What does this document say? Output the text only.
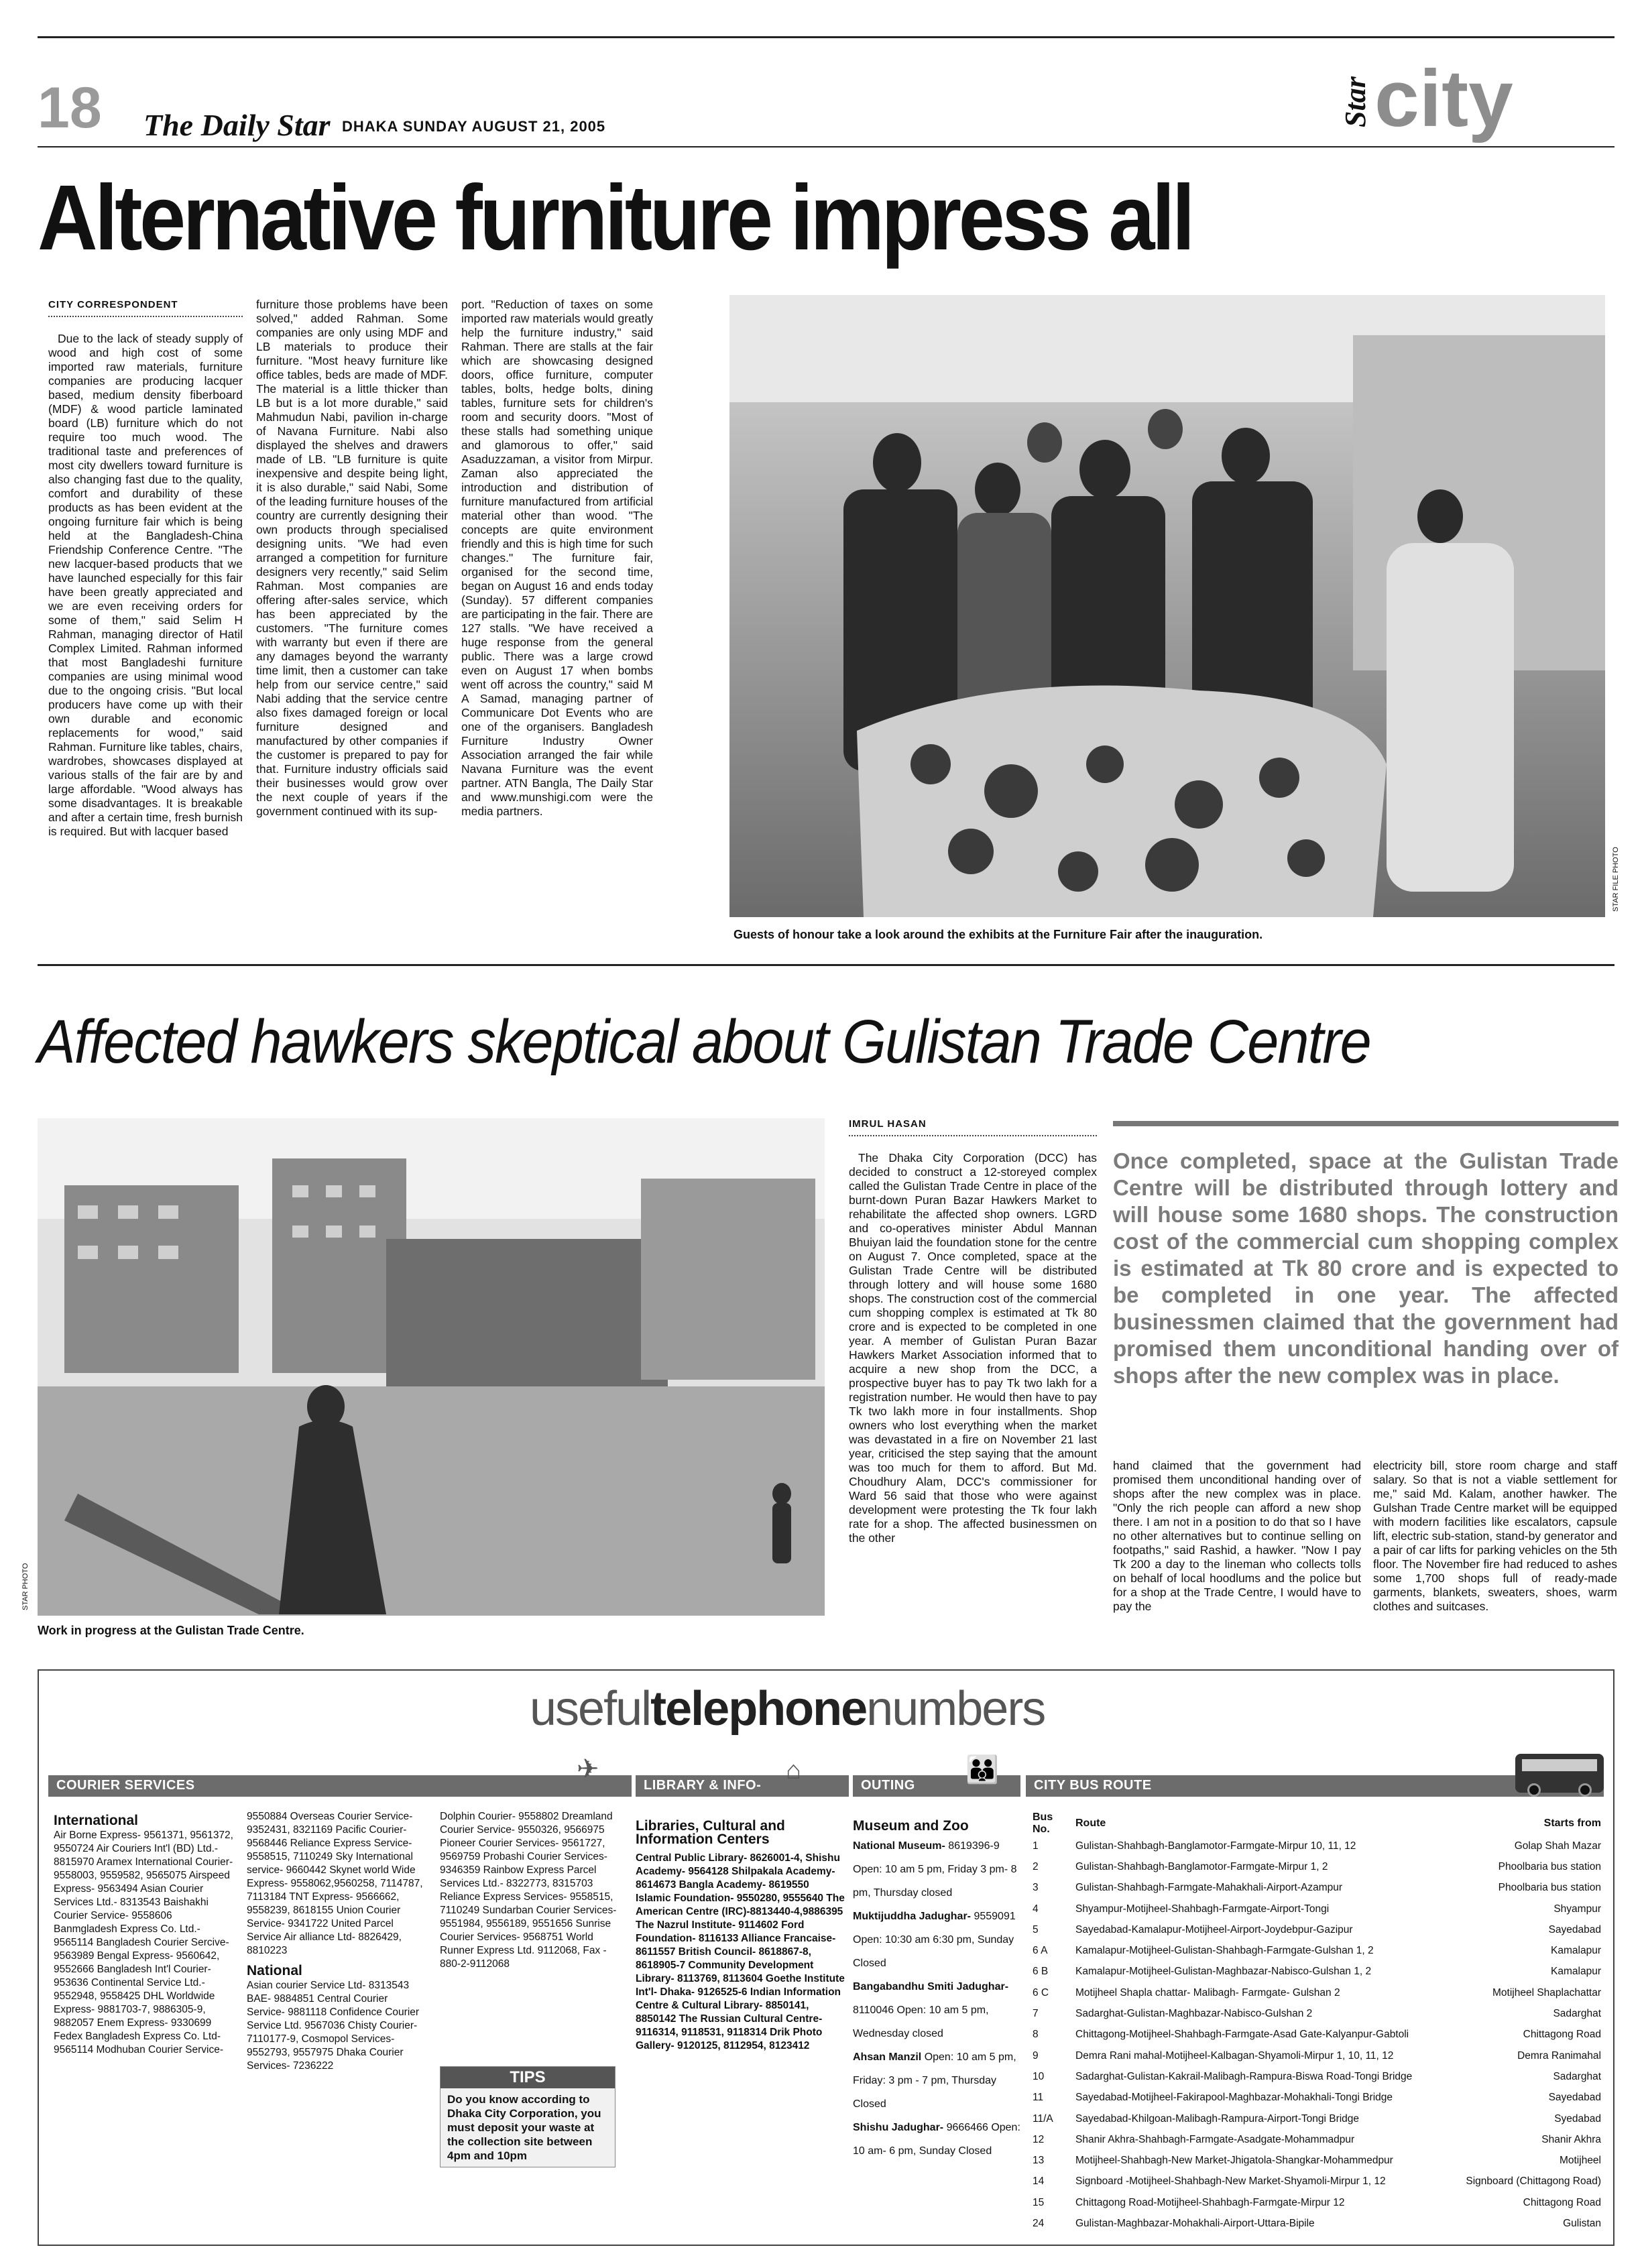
18 The Daily Star DHAKA SUNDAY AUGUST 21, 2005	Star city
Alternative furniture impress all
CITY CORRESPONDENT

Due to the lack of steady supply of wood and high cost of some imported raw materials, furniture companies are producing lacquer based, medium density fiberboard (MDF) & wood particle laminated board (LB) furniture which do not require too much wood. The traditional taste and preferences of most city dwellers toward furniture is also changing fast due to the quality, comfort and durability of these products as has been evident at the ongoing furniture fair which is being held at the Bangladesh-China Friendship Conference Centre. "The new lacquer-based products that we have launched especially for this fair have been greatly appreciated and we are even receiving orders for some of them," said Selim H Rahman, managing director of Hatil Complex Limited. Rahman informed that most Bangladeshi furniture companies are using minimal wood due to the ongoing crisis. "But local producers have come up with their own durable and economic replacements for wood," said Rahman. Furniture like tables, chairs, wardrobes, showcases displayed at various stalls of the fair are by and large affordable. "Wood always has some disadvantages. It is breakable and after a certain time, fresh burnish is required. But with lacquer based

furniture those problems have been solved," added Rahman. Some companies are only using MDF and LB materials to produce their furniture. "Most heavy furniture like office tables, beds are made of MDF. The material is a little thicker than LB but is a lot more durable," said Mahmudun Nabi, pavilion in-charge of Navana Furniture. Nabi also displayed the shelves and drawers made of LB. "LB furniture is quite inexpensive and despite being light, it is also durable," said Nabi, Some of the leading furniture houses of the country are currently designing their own products through specialised designing units. "We had even arranged a competition for furniture designers very recently," said Selim Rahman. Most companies are offering after-sales service, which has been appreciated by the customers. "The furniture comes with warranty but even if there are any damages beyond the warranty time limit, then a customer can take help from our service centre," said Nabi adding that the service centre also fixes damaged foreign or local furniture designed and manufactured by other companies if the customer is prepared to pay for that. Furniture industry officials said their businesses would grow over the next couple of years if the government continued with its sup-

port. "Reduction of taxes on some imported raw materials would greatly help the furniture industry," said Rahman. There are stalls at the fair which are showcasing designed doors, office furniture, computer tables, bolts, hedge bolts, dining tables, furniture sets for children's room and security doors. "Most of these stalls had something unique and glamorous to offer," said Asaduzzaman, a visitor from Mirpur. Zaman also appreciated the introduction and distribution of furniture manufactured from artificial material other than wood. "The concepts are quite environment friendly and this is high time for such changes." The furniture fair, organised for the second time, began on August 16 and ends today (Sunday). 57 different companies are participating in the fair. There are 127 stalls. "We have received a huge response from the general public. There was a large crowd even on August 17 when bombs went off across the country," said M A Samad, managing partner of Communicare Dot Events who are one of the organisers. Bangladesh Furniture Industry Owner Association arranged the fair while Navana Furniture was the event partner. ATN Bangla, The Daily Star and www.munshigi.com were the media partners.

STAR FILE PHOTO
Guests of honour take a look around the exhibits at the Furniture Fair after the inauguration.
Affected hawkers skeptical about Gulistan Trade Centre
STAR PHOTO
Work in progress at the Gulistan Trade Centre.
IMRUL HASAN

The Dhaka City Corporation (DCC) has decided to construct a 12-storeyed complex called the Gulistan Trade Centre in place of the burnt-down Puran Bazar Hawkers Market to rehabilitate the affected shop owners. LGRD and co-operatives minister Abdul Mannan Bhuiyan laid the foundation stone for the centre on August 7. Once completed, space at the Gulistan Trade Centre will be distributed through lottery and will house some 1680 shops. The construction cost of the commercial cum shopping complex is estimated at Tk 80 crore and is expected to be completed in one year. A member of Gulistan Puran Bazar Hawkers Market Association informed that to acquire a new shop from the DCC, a prospective buyer has to pay Tk two lakh for a registration number. He would then have to pay Tk two lakh more in four installments. Shop owners who lost everything when the market was devastated in a fire on November 21 last year, criticised the step saying that the amount was too much for them to afford. But Md. Choudhury Alam, DCC's commissioner for Ward 56 said that those who were against development were protesting the Tk four lakh rate for a shop. The affected businessmen on the other

Once completed, space at the Gulistan Trade Centre will be distributed through lottery and will house some 1680 shops. The construction cost of the commercial cum shopping complex is estimated at Tk 80 crore and is expected to be completed in one year. The affected businessmen claimed that the government had promised them unconditional handing over of shops after the new complex was in place.

hand claimed that the government had promised them unconditional handing over of shops after the new complex was in place. "Only the rich people can afford a new shop there. I am not in a position to do that so I have no other alternatives but to continue selling on footpaths," said Rashid, a hawker. "Now I pay Tk 200 a day to the lineman who collects tolls on behalf of local hoodlums and the police but for a shop at the Trade Centre, I would have to pay the

electricity bill, store room charge and staff salary. So that is not a viable settlement for me," said Md. Kalam, another hawker. The Gulshan Trade Centre market will be equipped with modern facilities like escalators, capsule lift, electric sub-station, stand-by generator and a pair of car lifts for parking vehicles on the 5th floor. The November fire had reduced to ashes some 1,700 shops full of ready-made garments, blankets, sweaters, shoes, warm clothes and suitcases.

usefultelephonenumbers
COURIER SERVICES
✈
LIBRARY & INFO-
⌂
OUTING
👪
CITY BUS ROUTE
International
Air Borne Express- 9561371, 9561372, 9550724 Air Couriers Int'l (BD) Ltd.- 8815970 Aramex International Courier- 9558003, 9559582, 9565075 Airspeed Express- 9563494 Asian Courier Services Ltd.- 8313543 Baishakhi Courier Service- 9558606 Banmgladesh Express Co. Ltd.- 9565114 Bangladesh Courier Sercive- 9563989 Bengal Express- 9560642, 9552666 Bangladesh Int'l Courier- 953636 Continental Service Ltd.- 9552948, 9558425 DHL Worldwide Express- 9881703-7, 9886305-9, 9882057 Enem Express- 9330699 Fedex Bangladesh Express Co. Ltd- 9565114 Modhuban Courier Service-
9550884 Overseas Courier Service- 9352431, 8321169 Pacific Courier- 9568446 Reliance Express Service- 9558515, 7110249 Sky International service- 9660442 Skynet world Wide Express- 9558062,9560258, 7114787, 7113184 TNT Express- 9566662, 9558239, 8618155 Union Courier Service- 9341722 United Parcel Service Air alliance Ltd- 8826429, 8810223
National
Asian courier Service Ltd- 8313543 BAE- 9884851 Central Courier Service- 9881118 Confidence Courier Service Ltd. 9567036 Chisty Courier- 7110177-9, Cosmopol Services- 9552793, 9557975 Dhaka Courier Services- 7236222
Dolphin Courier- 9558802 Dreamland Courier Service- 9550326, 9566975 Pioneer Courier Services- 9561727, 9569759 Probashi Courier Services- 9346359 Rainbow Express Parcel Services Ltd.- 8322773, 8315703 Reliance Express Services- 9558515, 7110249 Sundarban Courier Services- 9551984, 9556189, 9551656 Sunrise Courier Services- 9568751 World Runner Express Ltd. 9112068, Fax - 880-2-9112068
TIPS
Do you know according to Dhaka City Corporation, you must deposit your waste at the collection site between 4pm and 10pm
Libraries, Cultural and Information Centers
Central Public Library- 8626001-4, Shishu Academy- 9564128 Shilpakala Academy- 8614673 Bangla Academy- 8619550 Islamic Foundation- 9550280, 9555640 The American Centre (IRC)-8813440-4,9886395 The Nazrul Institute- 9114602 Ford Foundation- 8116133 Alliance Francaise- 8611557 British Council- 8618867-8, 8618905-7 Community Development Library- 8113769, 8113604 Goethe Institute Int'l- Dhaka- 9126525-6 Indian Information Centre & Cultural Library- 8850141, 8850142 The Russian Cultural Centre- 9116314, 9118531, 9118314 Drik Photo Gallery- 9120125, 8112954, 8123412
Museum and Zoo
National Museum- 8619396-9 Open: 10 am 5 pm, Friday 3 pm- 8 pm, Thursday closed
Muktijuddha Jadughar- 9559091 Open: 10:30 am 6:30 pm, Sunday Closed
Bangabandhu Smiti Jadughar- 8110046 Open: 10 am 5 pm, Wednesday closed
Ahsan Manzil Open: 10 am 5 pm, Friday: 3 pm - 7 pm, Thursday Closed
Shishu Jadughar- 9666466 Open: 10 am- 6 pm, Sunday Closed
Bus No.	Route	Starts from
1	Gulistan-Shahbagh-Banglamotor-Farmgate-Mirpur 10, 11, 12	Golap Shah Mazar
2	Gulistan-Shahbagh-Banglamotor-Farmgate-Mirpur 1, 2	Phoolbaria bus station
3	Gulistan-Shahbagh-Farmgate-Mahakhali-Airport-Azampur	Phoolbaria bus station
4	Shyampur-Motijheel-Shahbagh-Farmgate-Airport-Tongi	Shyampur
5	Sayedabad-Kamalapur-Motijheel-Airport-Joydebpur-Gazipur	Sayedabad
6 A	Kamalapur-Motijheel-Gulistan-Shahbagh-Farmgate-Gulshan 1, 2	Kamalapur
6 B	Kamalapur-Motijheel-Gulistan-Maghbazar-Nabisco-Gulshan 1, 2	Kamalapur
6 C	Motijheel Shapla chattar- Malibagh- Farmgate- Gulshan 2	Motijheel Shaplachattar
7	Sadarghat-Gulistan-Maghbazar-Nabisco-Gulshan 2	Sadarghat
8	Chittagong-Motijheel-Shahbagh-Farmgate-Asad Gate-Kalyanpur-Gabtoli	Chittagong Road
9	Demra Rani mahal-Motijheel-Kalbagan-Shyamoli-Mirpur 1, 10, 11, 12	Demra Ranimahal
10	Sadarghat-Gulistan-Kakrail-Malibagh-Rampura-Biswa Road-Tongi Bridge	Sadarghat
11	Sayedabad-Motijheel-Fakirapool-Maghbazar-Mohakhali-Tongi Bridge	Sayedabad
11/A	Sayedabad-Khilgoan-Malibagh-Rampura-Airport-Tongi Bridge	Syedabad
12	Shanir Akhra-Shahbagh-Farmgate-Asadgate-Mohammadpur	Shanir Akhra
13	Motijheel-Shahbagh-New Market-Jhigatola-Shangkar-Mohammedpur	Motijheel
14	Signboard -Motijheel-Shahbagh-New Market-Shyamoli-Mirpur 1, 12	Signboard (Chittagong Road)
15	Chittagong Road-Motijheel-Shahbagh-Farmgate-Mirpur 12	Chittagong Road
24	Gulistan-Maghbazar-Mohakhali-Airport-Uttara-Bipile	Gulistan
